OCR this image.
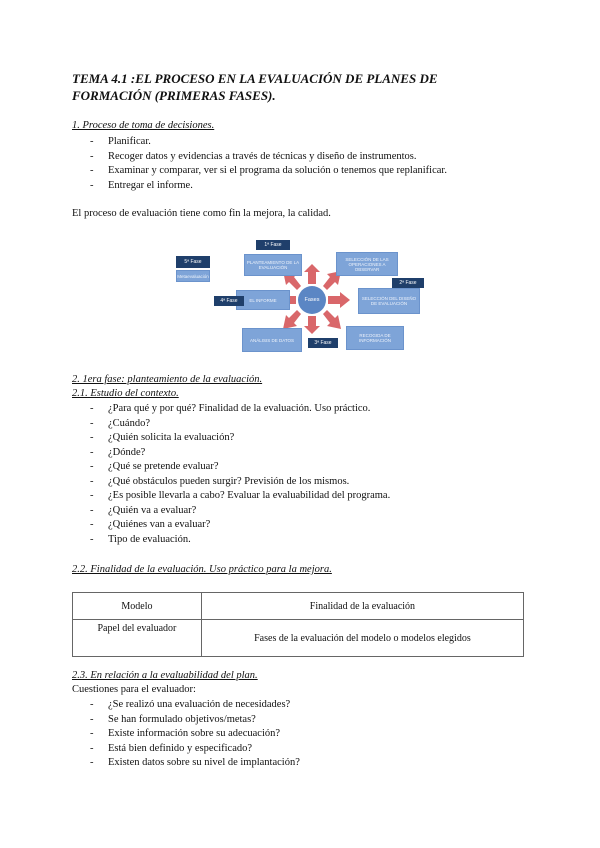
TEMA 4.1 :EL PROCESO EN LA EVALUACIÓN DE PLANES DE FORMACIÓN (PRIMERAS FASES).
1. Proceso de toma de decisiones.
- Planificar.
- Recoger datos y evidencias a través de técnicas y diseño de instrumentos.
- Examinar y comparar, ver si el programa da solución o tenemos que replanificar.
- Entregar el informe.
El proceso de evaluación tiene como fin la mejora, la calidad.
1ª Fase
PLANTEAMIENTO DE LA EVALUACIÓN
SELECCIÓN DE LAS OPERACIONES A OBSERVAR
2ª Fase
SELECCIÓN DEL DISEÑO DE EVALUACIÓN
RECOGIDA DE INFORMACIÓN
ANÁLISIS DE DATOS	3ª Fase
EL INFORME
4ª Fase
5ª Fase
Metaevaluación
Fases
2. 1era fase: planteamiento de la evaluación.
2.1. Estudio del contexto.
- ¿Para qué y por qué? Finalidad de la evaluación. Uso práctico.
- ¿Cuándo?
- ¿Quién solicita la evaluación?
- ¿Dónde?
- ¿Qué se pretende evaluar?
- ¿Qué obstáculos pueden surgir? Previsión de los mismos.
- ¿Es posible llevarla a cabo? Evaluar la evaluabilidad del programa.
- ¿Quién va a evaluar?
- ¿Quiénes van a evaluar?
- Tipo de evaluación.
2.2. Finalidad de la evaluación. Uso práctico para la mejora.
Modelo	Finalidad de la evaluación
Papel del evaluador	Fases de la evaluación del modelo o modelos elegidos
2.3. En relación a la evaluabilidad del plan.
Cuestiones para el evaluador:
- ¿Se realizó una evaluación de necesidades?
- Se han formulado objetivos/metas?
- Existe información sobre su adecuación?
- Está bien definido y especificado?
- Existen datos sobre su nivel de implantación?
